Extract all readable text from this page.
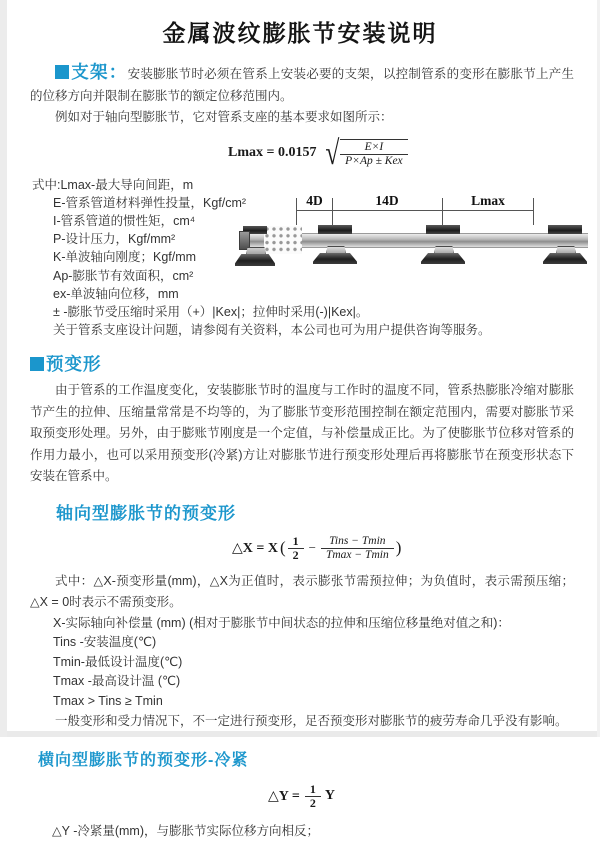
金属波纹膨胀节安装说明

支架：安装膨胀节时必须在管系上安装必要的支架，以控制管系的变形在膨胀节上产生的位移方向并限制在膨胀节的额定位移范围内。

例如对于轴向型膨胀节，它对管系支座的基本要求如图所示：

Lmax = 0.0157 √ $\frac{E\times I}{\text{P×Ap ± Kex}}$
式中:Lmax-最大导向间距，m
E-管系管道材料弹性投量，Kgf/cm²
I-管系管道的惯性矩，cm⁴
P-设计压力，Kgf/mm²
K-单波轴向刚度；Kgf/mm
Ap-膨胀节有效面积，cm²
ex-单波轴向位移，mm
± -膨胀节受压缩时采用（+）|Kex|；拉伸时采用(-)|Kex|。
关于管系支座设计问题，请参阅有关资料，本公司也可为用户提供咨询等服务。
4D	14D	Lmax
预变形

由于管系的工作温度变化，安装膨胀节时的温度与工作时的温度不同，管系热膨胀冷缩对膨胀节产生的拉伸、压缩量常常是不均等的，为了膨胀节变形范围控制在额定范围内，需要对膨胀节采取预变形处理。另外，由于膨账节刚度是一个定值，与补偿量成正比。为了使膨胀节位移对管系的作用力最小，也可以采用预变形(冷紧)方让对膨胀节进行预变形处理后再将膨胀节在预变形状态下安装在管系中。

轴向型膨胀节的预变形
△X = X ( $\frac{1}{2} - \frac{\text{Tins − Tmin}}{Tmax - Tmin}$ )

式中：△X-预变形量(mm)，△X为正值时，表示膨张节需预拉伸；为负值时，表示需预压缩；△X = 0时表示不需预变形。

X-实际轴向补偿量 (mm) (相对于膨胀节中间状态的拉伸和压缩位移量绝对值之和)：
Tins -安装温度(℃)
Tmin-最低设计温度(℃)
Tmax -最高设计温 (℃)
Tmax > Tins ≥ Tmin

一般变形和受力情况下，不一定进行预变形，足否预变形对膨胀节的疲劳寿命几乎没有影响。

横向型膨胀节的预变形-冷紧
△Y = $\frac{1}{2}$ Y

△Y -冷紧量(mm)，与膨胀节实际位移方向相反；
